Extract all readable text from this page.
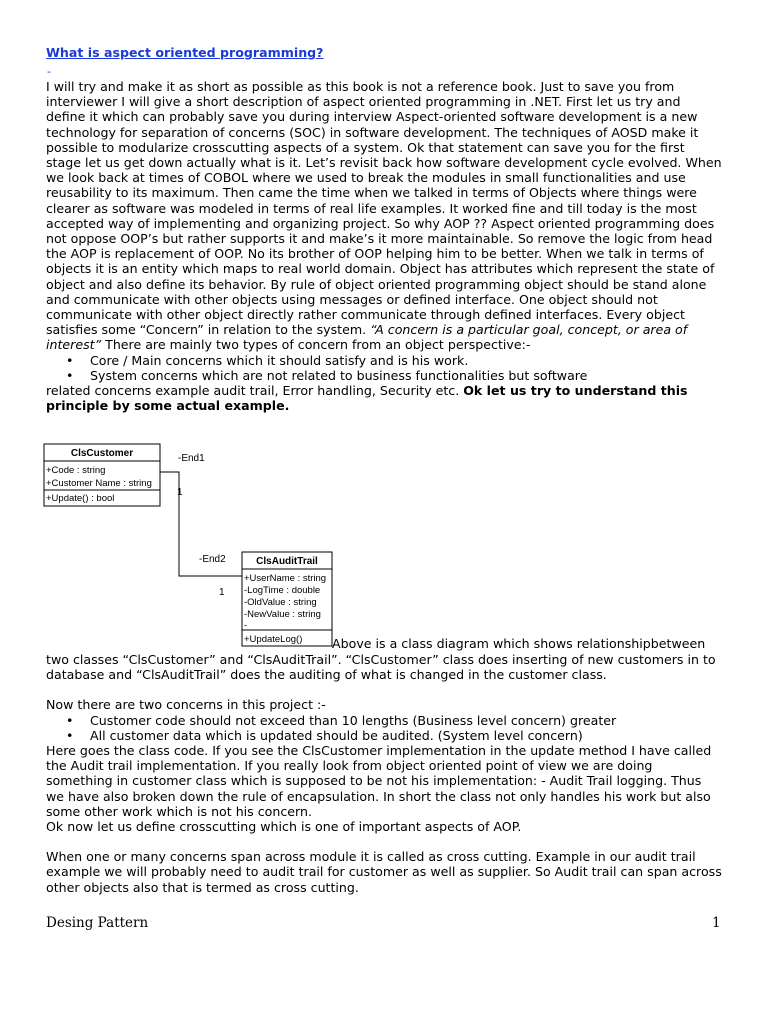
What is aspect oriented programming?
-

I will try and make it as short as possible as this book is not a reference book. Just to save you from interviewer I will give a short description of aspect oriented programming in .NET. First let us try and define it which can probably save you during interview Aspect-oriented software development is a new technology for separation of concerns (SOC) in software development. The techniques of AOSD make it possible to modularize crosscutting aspects of a system. Ok that statement can save you for the first stage let us get down actually what is it. Let’s revisit back how software development cycle evolved. When we look back at times of COBOL where we used to break the modules in small functionalities and use reusability to its maximum. Then came the time when we talked in terms of Objects where things were clearer as software was modeled in terms of real life examples. It worked fine and till today is the most accepted way of implementing and organizing project. So why AOP ?? Aspect oriented programming does not oppose OOP’s but rather supports it and make’s it more maintainable. So remove the logic from head the AOP is replacement of OOP. No its brother of OOP helping him to be better. When we talk in terms of objects it is an entity which maps to real world domain. Object has attributes which represent the state of object and also define its behavior. By rule of object oriented programming object should be stand alone and communicate with other objects using messages or defined interface. One object should not communicate with other object directly rather communicate through defined interfaces. Every object satisfies some “Concern” in relation to the system. “A concern is a particular goal, concept, or area of interest” There are mainly two types of concern from an object perspective:-

• Core / Main concerns which it should satisfy and is his work.
• System concerns which are not related to business functionalities but software

related concerns example audit trail, Error handling, Security etc. Ok let us try to understand this principle by some actual example.

ClsCustomer
+Code : string
+Customer Name : string
+Update() : bool
-End1
1
-End2
1
ClsAuditTrail
+UserName : string
-LogTime : double
-OldValue : string
-NewValue : string
-
+UpdateLog() Above is a class diagram which shows relationshipbetween

two classes “ClsCustomer” and “ClsAuditTrail”. “ClsCustomer” class does inserting of new customers in to database and “ClsAuditTrail” does the auditing of what is changed in the customer class.

Now there are two concerns in this project :-

• Customer code should not exceed than 10 lengths (Business level concern) greater
• All customer data which is updated should be audited. (System level concern)

Here goes the class code. If you see the ClsCustomer implementation in the update method I have called the Audit trail implementation. If you really look from object oriented point of view we are doing something in customer class which is supposed to be not his implementation: - Audit Trail logging. Thus we have also broken down the rule of encapsulation. In short the class not only handles his work but also some other work which is not his concern.

Ok now let us define crosscutting which is one of important aspects of AOP.

When one or many concerns span across module it is called as cross cutting. Example in our audit trail example we will probably need to audit trail for customer as well as supplier. So Audit trail can span across other objects also that is termed as cross cutting.

Desing Pattern	1
